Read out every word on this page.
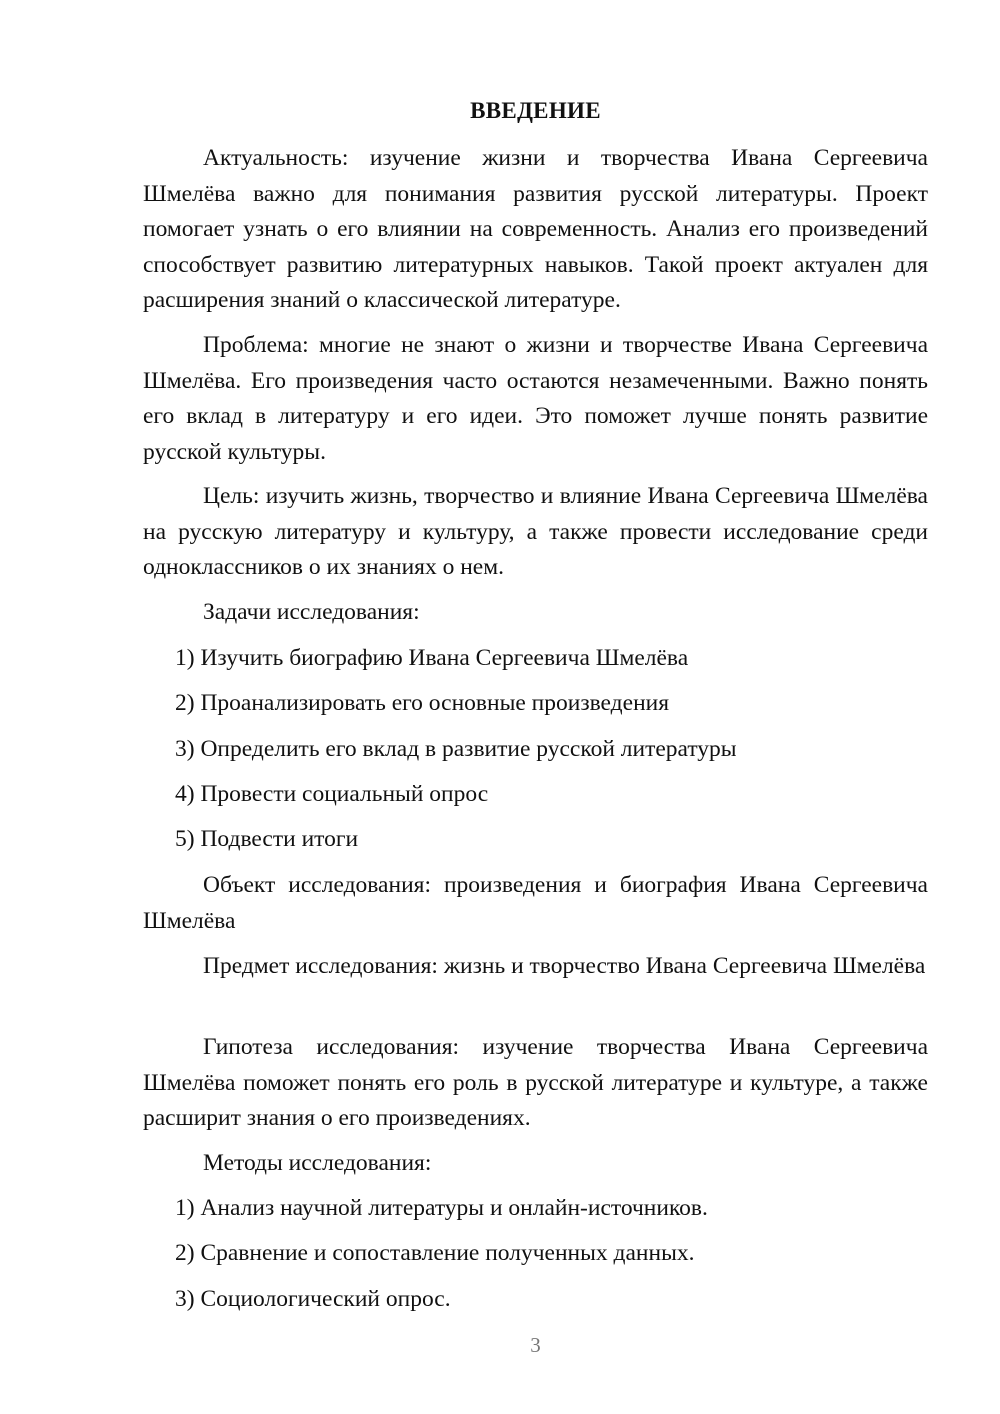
ВВЕДЕНИЕ

Актуальность: изучение жизни и творчества Ивана Сергеевича Шмелёва важно для понимания развития русской литературы. Проект помогает узнать о его влиянии на современность. Анализ его произведений способствует развитию литературных навыков. Такой проект актуален для расширения знаний о классической литературе.

Проблема: многие не знают о жизни и творчестве Ивана Сергеевича Шмелёва. Его произведения часто остаются незамеченными. Важно понять его вклад в литературу и его идеи. Это поможет лучше понять развитие русской культуры.

Цель: изучить жизнь, творчество и влияние Ивана Сергеевича Шмелёва на русскую литературу и культуру, а также провести исследование среди одноклассников о их знаниях о нем.

Задачи исследования:

1) Изучить биографию Ивана Сергеевича Шмелёва

2) Проанализировать его основные произведения

3) Определить его вклад в развитие русской литературы

4) Провести социальный опрос

5) Подвести итоги

Объект исследования: произведения и биография Ивана Сергеевича Шмелёва

Предмет исследования: жизнь и творчество Ивана Сергеевича Шмелёва

Гипотеза исследования: изучение творчества Ивана Сергеевича Шмелёва поможет понять его роль в русской литературе и культуре, а также расширит знания о его произведениях.

Методы исследования:

1) Анализ научной литературы и онлайн-источников.

2) Сравнение и сопоставление полученных данных.

3) Социологический опрос.

3
